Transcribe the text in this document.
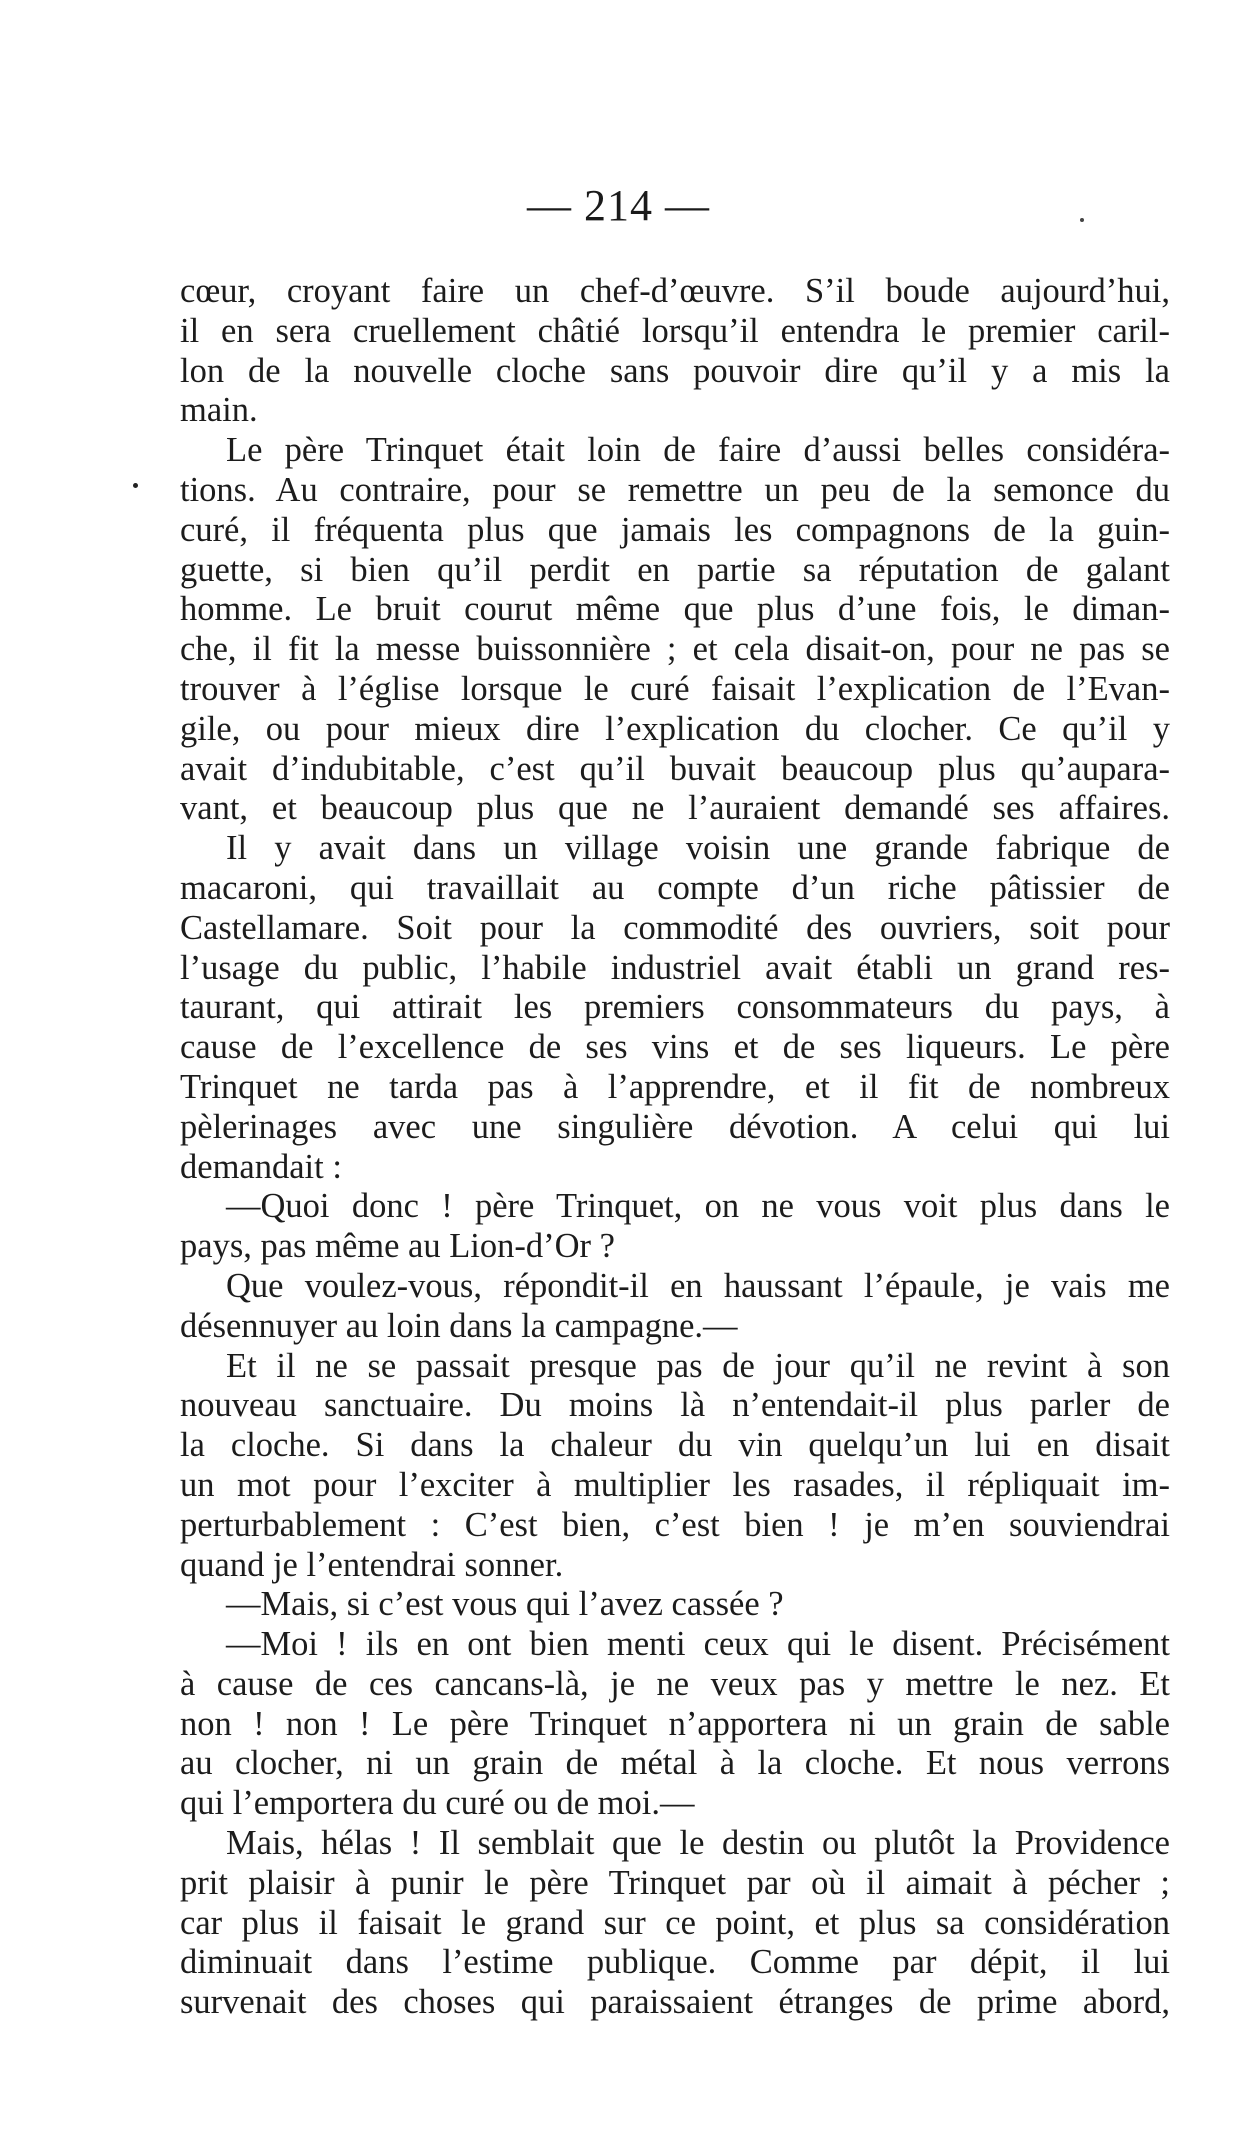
— 214 —
cœur, croyant faire un chef-d’œuvre. S’il boude aujourd’hui,
il en sera cruellement châtié lorsqu’il entendra le premier caril-
lon de la nouvelle cloche sans pouvoir dire qu’il y a mis la
main.
Le père Trinquet était loin de faire d’aussi belles considéra-
tions. Au contraire, pour se remettre un peu de la semonce du
curé, il fréquenta plus que jamais les compagnons de la guin-
guette, si bien qu’il perdit en partie sa réputation de galant
homme. Le bruit courut même que plus d’une fois, le diman-
che, il fit la messe buissonnière ; et cela disait-on, pour ne pas se
trouver à l’église lorsque le curé faisait l’explication de l’Evan-
gile, ou pour mieux dire l’explication du clocher. Ce qu’il y
avait d’indubitable, c’est qu’il buvait beaucoup plus qu’aupara-
vant, et beaucoup plus que ne l’auraient demandé ses affaires.
Il y avait dans un village voisin une grande fabrique de
macaroni, qui travaillait au compte d’un riche pâtissier de
Castellamare. Soit pour la commodité des ouvriers, soit pour
l’usage du public, l’habile industriel avait établi un grand res-
taurant, qui attirait les premiers consommateurs du pays, à
cause de l’excellence de ses vins et de ses liqueurs. Le père
Trinquet ne tarda pas à l’apprendre, et il fit de nombreux
pèlerinages avec une singulière dévotion. A celui qui lui
demandait :
—Quoi donc ! père Trinquet, on ne vous voit plus dans le
pays, pas même au Lion-d’Or ?
Que voulez-vous, répondit-il en haussant l’épaule, je vais me
désennuyer au loin dans la campagne.—
Et il ne se passait presque pas de jour qu’il ne revint à son
nouveau sanctuaire. Du moins là n’entendait-il plus parler de
la cloche. Si dans la chaleur du vin quelqu’un lui en disait
un mot pour l’exciter à multiplier les rasades, il répliquait im-
perturbablement : C’est bien, c’est bien ! je m’en souviendrai
quand je l’entendrai sonner.
—Mais, si c’est vous qui l’avez cassée ?
—Moi ! ils en ont bien menti ceux qui le disent. Précisément
à cause de ces cancans-là, je ne veux pas y mettre le nez. Et
non ! non ! Le père Trinquet n’apportera ni un grain de sable
au clocher, ni un grain de métal à la cloche. Et nous verrons
qui l’emportera du curé ou de moi.—
Mais, hélas ! Il semblait que le destin ou plutôt la Providence
prit plaisir à punir le père Trinquet par où il aimait à pécher ;
car plus il faisait le grand sur ce point, et plus sa considération
diminuait dans l’estime publique. Comme par dépit, il lui
survenait des choses qui paraissaient étranges de prime abord,
